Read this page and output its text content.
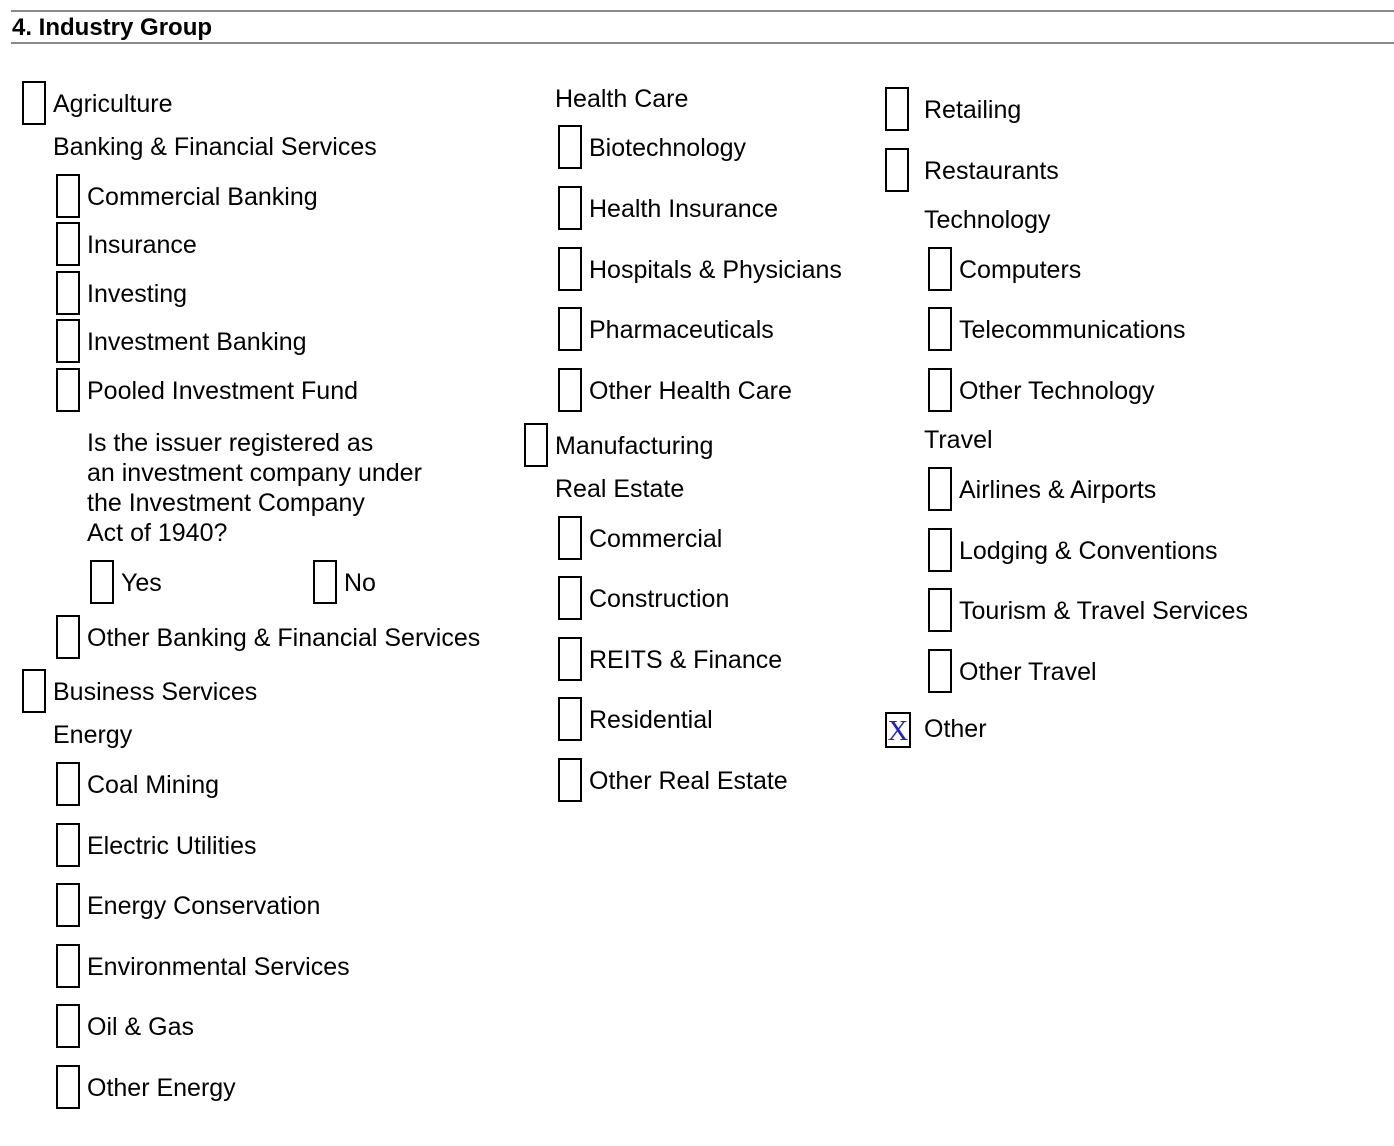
4. Industry Group
Agriculture
Banking & Financial Services
Commercial Banking
Insurance
Investing
Investment Banking
Pooled Investment Fund
Is the issuer registered as
an investment company under
the Investment Company
Act of 1940?
Yes	No
Other Banking & Financial Services
Business Services
Energy
Coal Mining
Electric Utilities
Energy Conservation
Environmental Services
Oil & Gas
Other Energy
Health Care
Biotechnology
Health Insurance
Hospitals & Physicians
Pharmaceuticals
Other Health Care
Manufacturing
Real Estate
Commercial
Construction
REITS & Finance
Residential
Other Real Estate
Retailing
Restaurants
Technology
Computers
Telecommunications
Other Technology
Travel
Airlines & Airports
Lodging & Conventions
Tourism & Travel Services
Other Travel
X Other
